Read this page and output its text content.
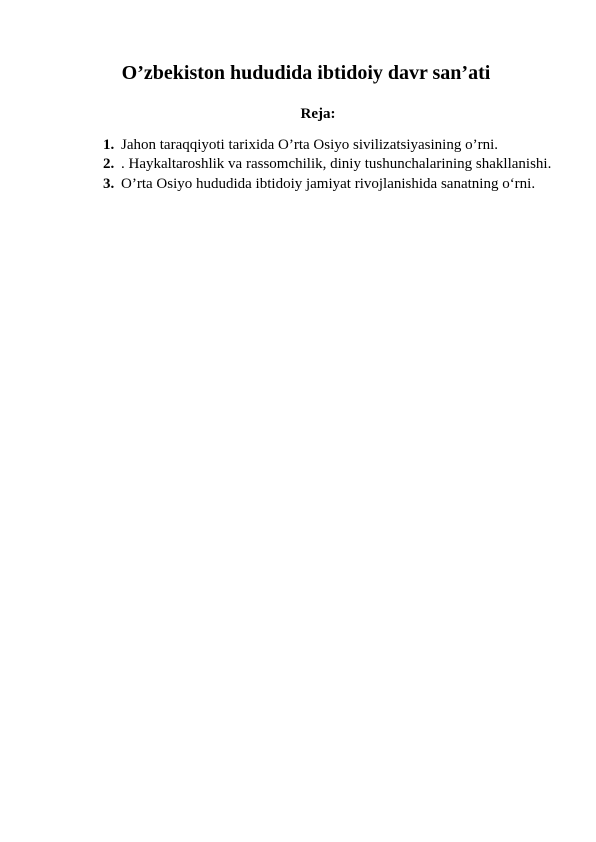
O’zbekiston hududida ibtidoiy davr san’ati
Reja:
1. Jahon taraqqiyoti tarixida O’rta Osiyo sivilizatsiyasining o’rni.
2. . Haykaltaroshlik va rassomchilik, diniy tushunchalarining shakllanishi.
3. O’rta Osiyo hududida ibtidoiy jamiyat rivojlanishida sanatning o‘rni.
